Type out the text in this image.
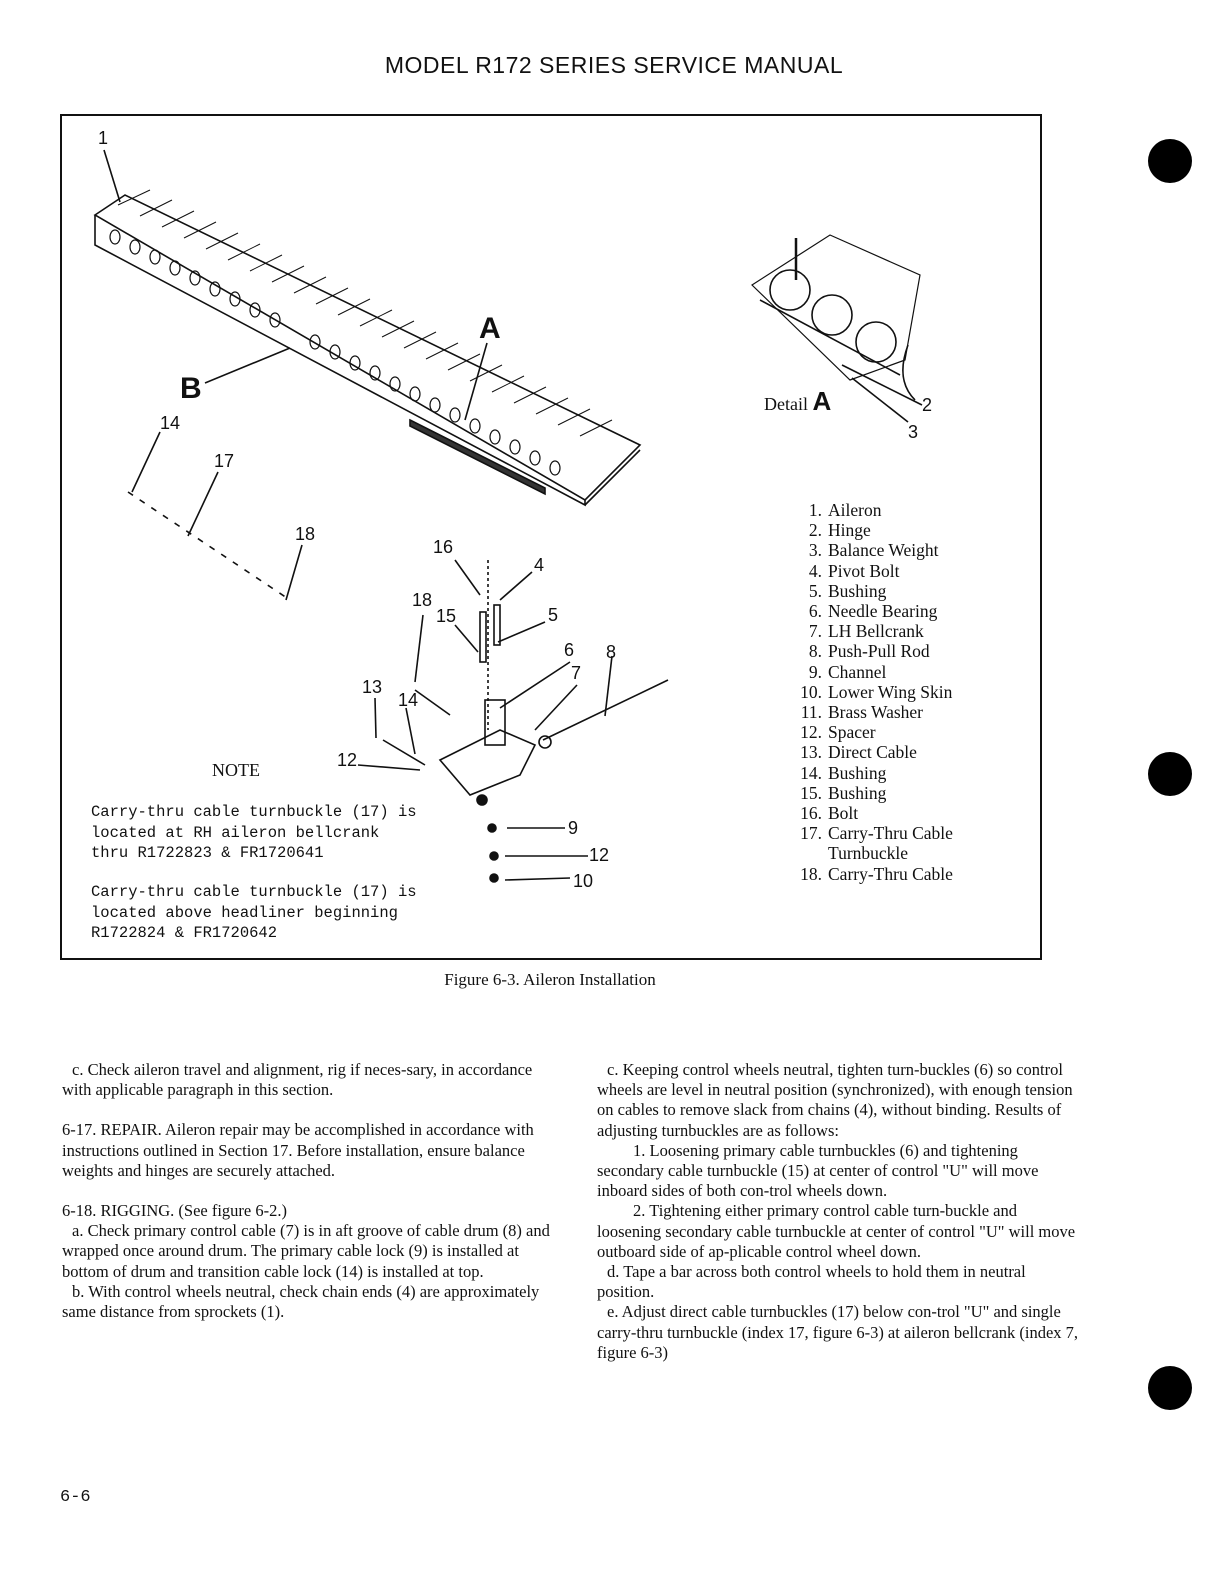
MODEL R172 SERIES SERVICE MANUAL
1
A
B
14
17
18
16
4
18
15	5
6 8
7
13
14
12
9
12
10
2
3
Detail A
1. Aileron
2. Hinge
3. Balance Weight
4. Pivot Bolt
5. Bushing
6. Needle Bearing
7. LH Bellcrank
8. Push-Pull Rod
9. Channel
10. Lower Wing Skin
11. Brass Washer
12. Spacer
13. Direct Cable
14. Bushing
15. Bushing
16. Bolt
17. Carry-Thru Cable
Turnbuckle
18. Carry-Thru Cable
NOTE
Carry-thru cable turnbuckle (17) is located at RH aileron bellcrank thru R1722823 & FR1720641
Carry-thru cable turnbuckle (17) is located above headliner beginning R1722824 & FR1720642
Figure 6-3. Aileron Installation

c. Check aileron travel and alignment, rig if neces-sary, in accordance with applicable paragraph in this section.

6-17. REPAIR. Aileron repair may be accomplished in accordance with instructions outlined in Section 17. Before installation, ensure balance weights and hinges are securely attached.

6-18. RIGGING. (See figure 6-2.)

a. Check primary control cable (7) is in aft groove of cable drum (8) and wrapped once around drum. The primary cable lock (9) is installed at bottom of drum and transition cable lock (14) is installed at top.

b. With control wheels neutral, check chain ends (4) are approximately same distance from sprockets (1).

c. Keeping control wheels neutral, tighten turn-buckles (6) so control wheels are level in neutral position (synchronized), with enough tension on cables to remove slack from chains (4), without binding. Results of adjusting turnbuckles are as follows:

1. Loosening primary cable turnbuckles (6) and tightening secondary cable turnbuckle (15) at center of control "U" will move inboard sides of both con-trol wheels down.

2. Tightening either primary control cable turn-buckle and loosening secondary cable turnbuckle at center of control "U" will move outboard side of ap-plicable control wheel down.

d. Tape a bar across both control wheels to hold them in neutral position.

e. Adjust direct cable turnbuckles (17) below con-trol "U" and single carry-thru turnbuckle (index 17, figure 6-3) at aileron bellcrank (index 7, figure 6-3)

6-6
